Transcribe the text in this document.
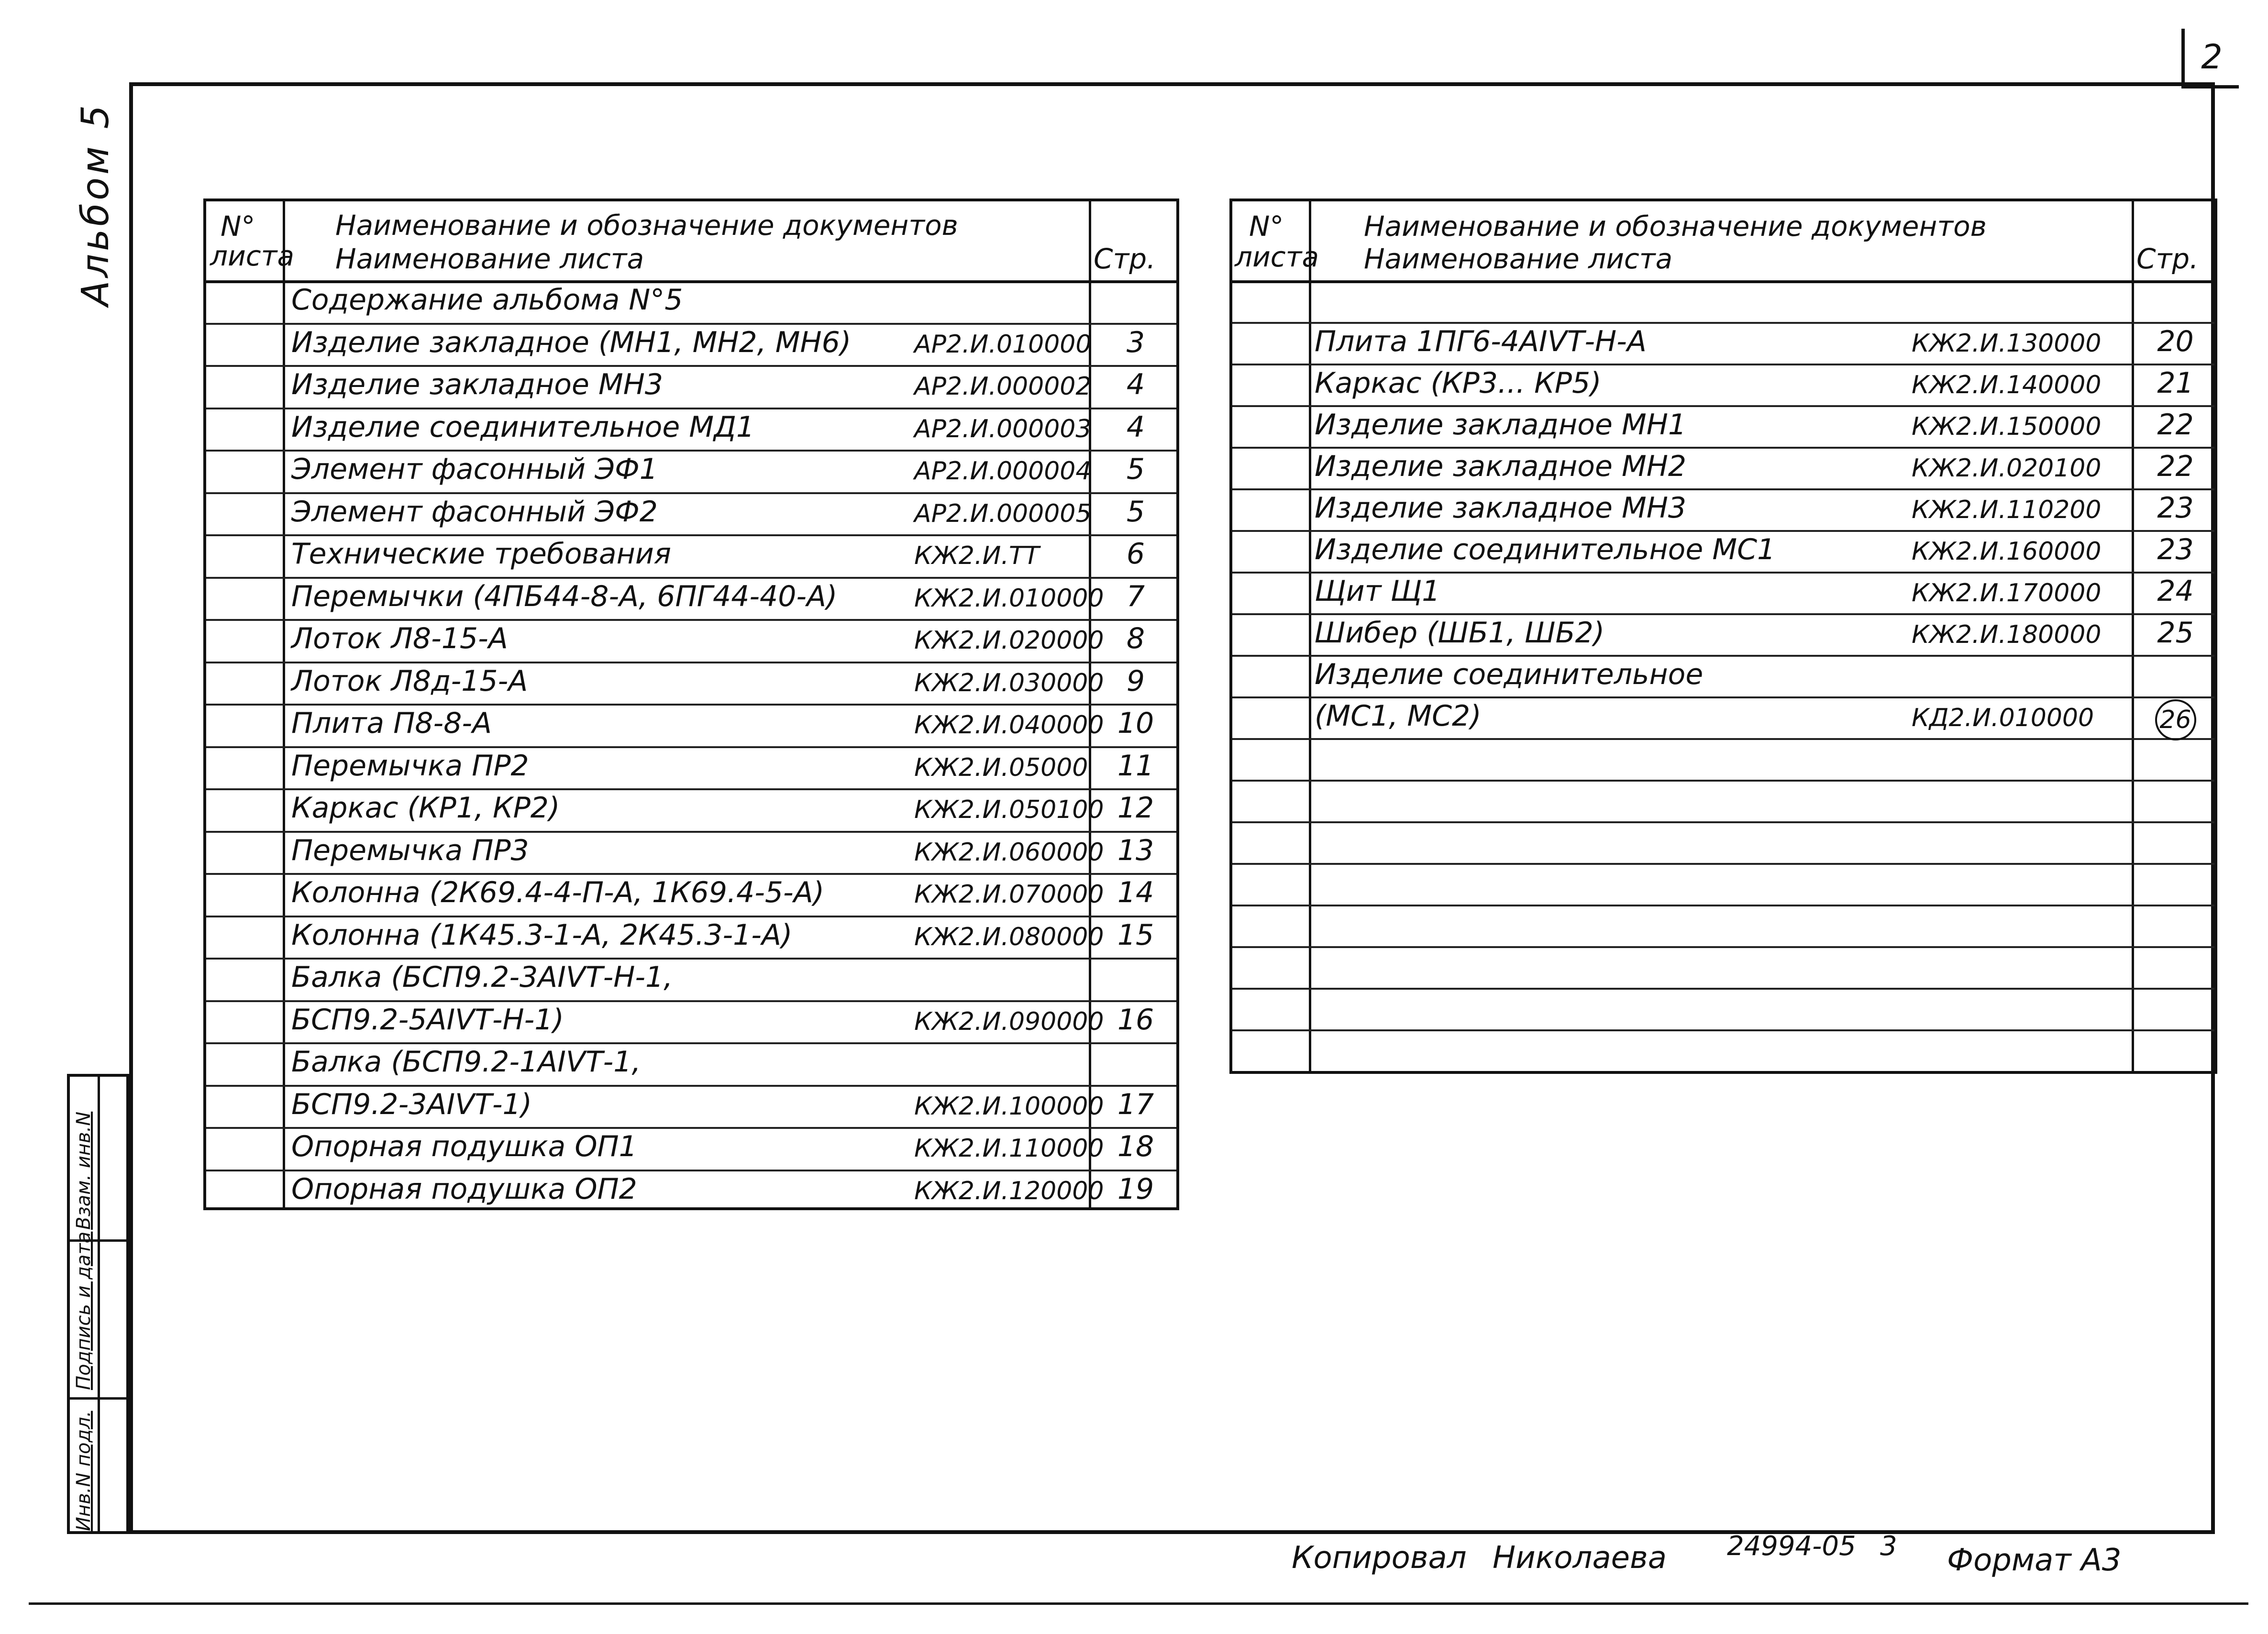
2
Альбом 5
Взам. инв.N
Подпись и дата
Инв.N подл.
N°
листа
Наименование и обозначение документов
Наименование листа	Стр.
Содержание альбома N°5
Изделие закладное (МН1, МН2, МН6)	АР2.И.010000	3
Изделие закладное МН3	АР2.И.000002	4
Изделие соединительное МД1	АР2.И.000003	4
Элемент фасонный ЭФ1	АР2.И.000004	5
Элемент фасонный ЭФ2	АР2.И.000005	5
Технические требования	КЖ2.И.ТТ	6
Перемычки (4ПБ44-8-А, 6ПГ44-40-А)	КЖ2.И.010000 7
Лоток Л8-15-А	КЖ2.И.020000 8
Лоток Л8д-15-А	КЖ2.И.030000 9
Плита П8-8-А	КЖ2.И.040000 10
Перемычка ПР2	КЖ2.И.05000	11
Каркас (КР1, КР2)	КЖ2.И.050100 12
Перемычка ПР3	КЖ2.И.060000 13
Колонна (2К69.4-4-П-А, 1К69.4-5-А)	КЖ2.И.070000 14
Колонна (1К45.3-1-А, 2К45.3-1-А)	КЖ2.И.080000 15
Балка (БСП9.2-3АIVТ-Н-1,
БСП9.2-5АIVТ-Н-1)	КЖ2.И.090000 16
Балка (БСП9.2-1АIVТ-1,
БСП9.2-3АIVТ-1)	КЖ2.И.100000 17
Опорная подушка ОП1	КЖ2.И.110000 18
Опорная подушка ОП2	КЖ2.И.120000 19
N°
листа
Наименование и обозначение документов
Наименование листа	Стр.
Плита 1ПГ6-4АIVТ-Н-А	КЖ2.И.130000	20
Каркас (КР3... КР5)	КЖ2.И.140000	21
Изделие закладное МН1	КЖ2.И.150000	22
Изделие закладное МН2	КЖ2.И.020100	22
Изделие закладное МН3	КЖ2.И.110200	23
Изделие соединительное МС1	КЖ2.И.160000	23
Щит Щ1	КЖ2.И.170000	24
Шибер (ШБ1, ШБ2)	КЖ2.И.180000	25
Изделие соединительное
(МС1, МС2)	КД2.И.010000	26
Копировал Николаева 24994-05 3 Формат А3
